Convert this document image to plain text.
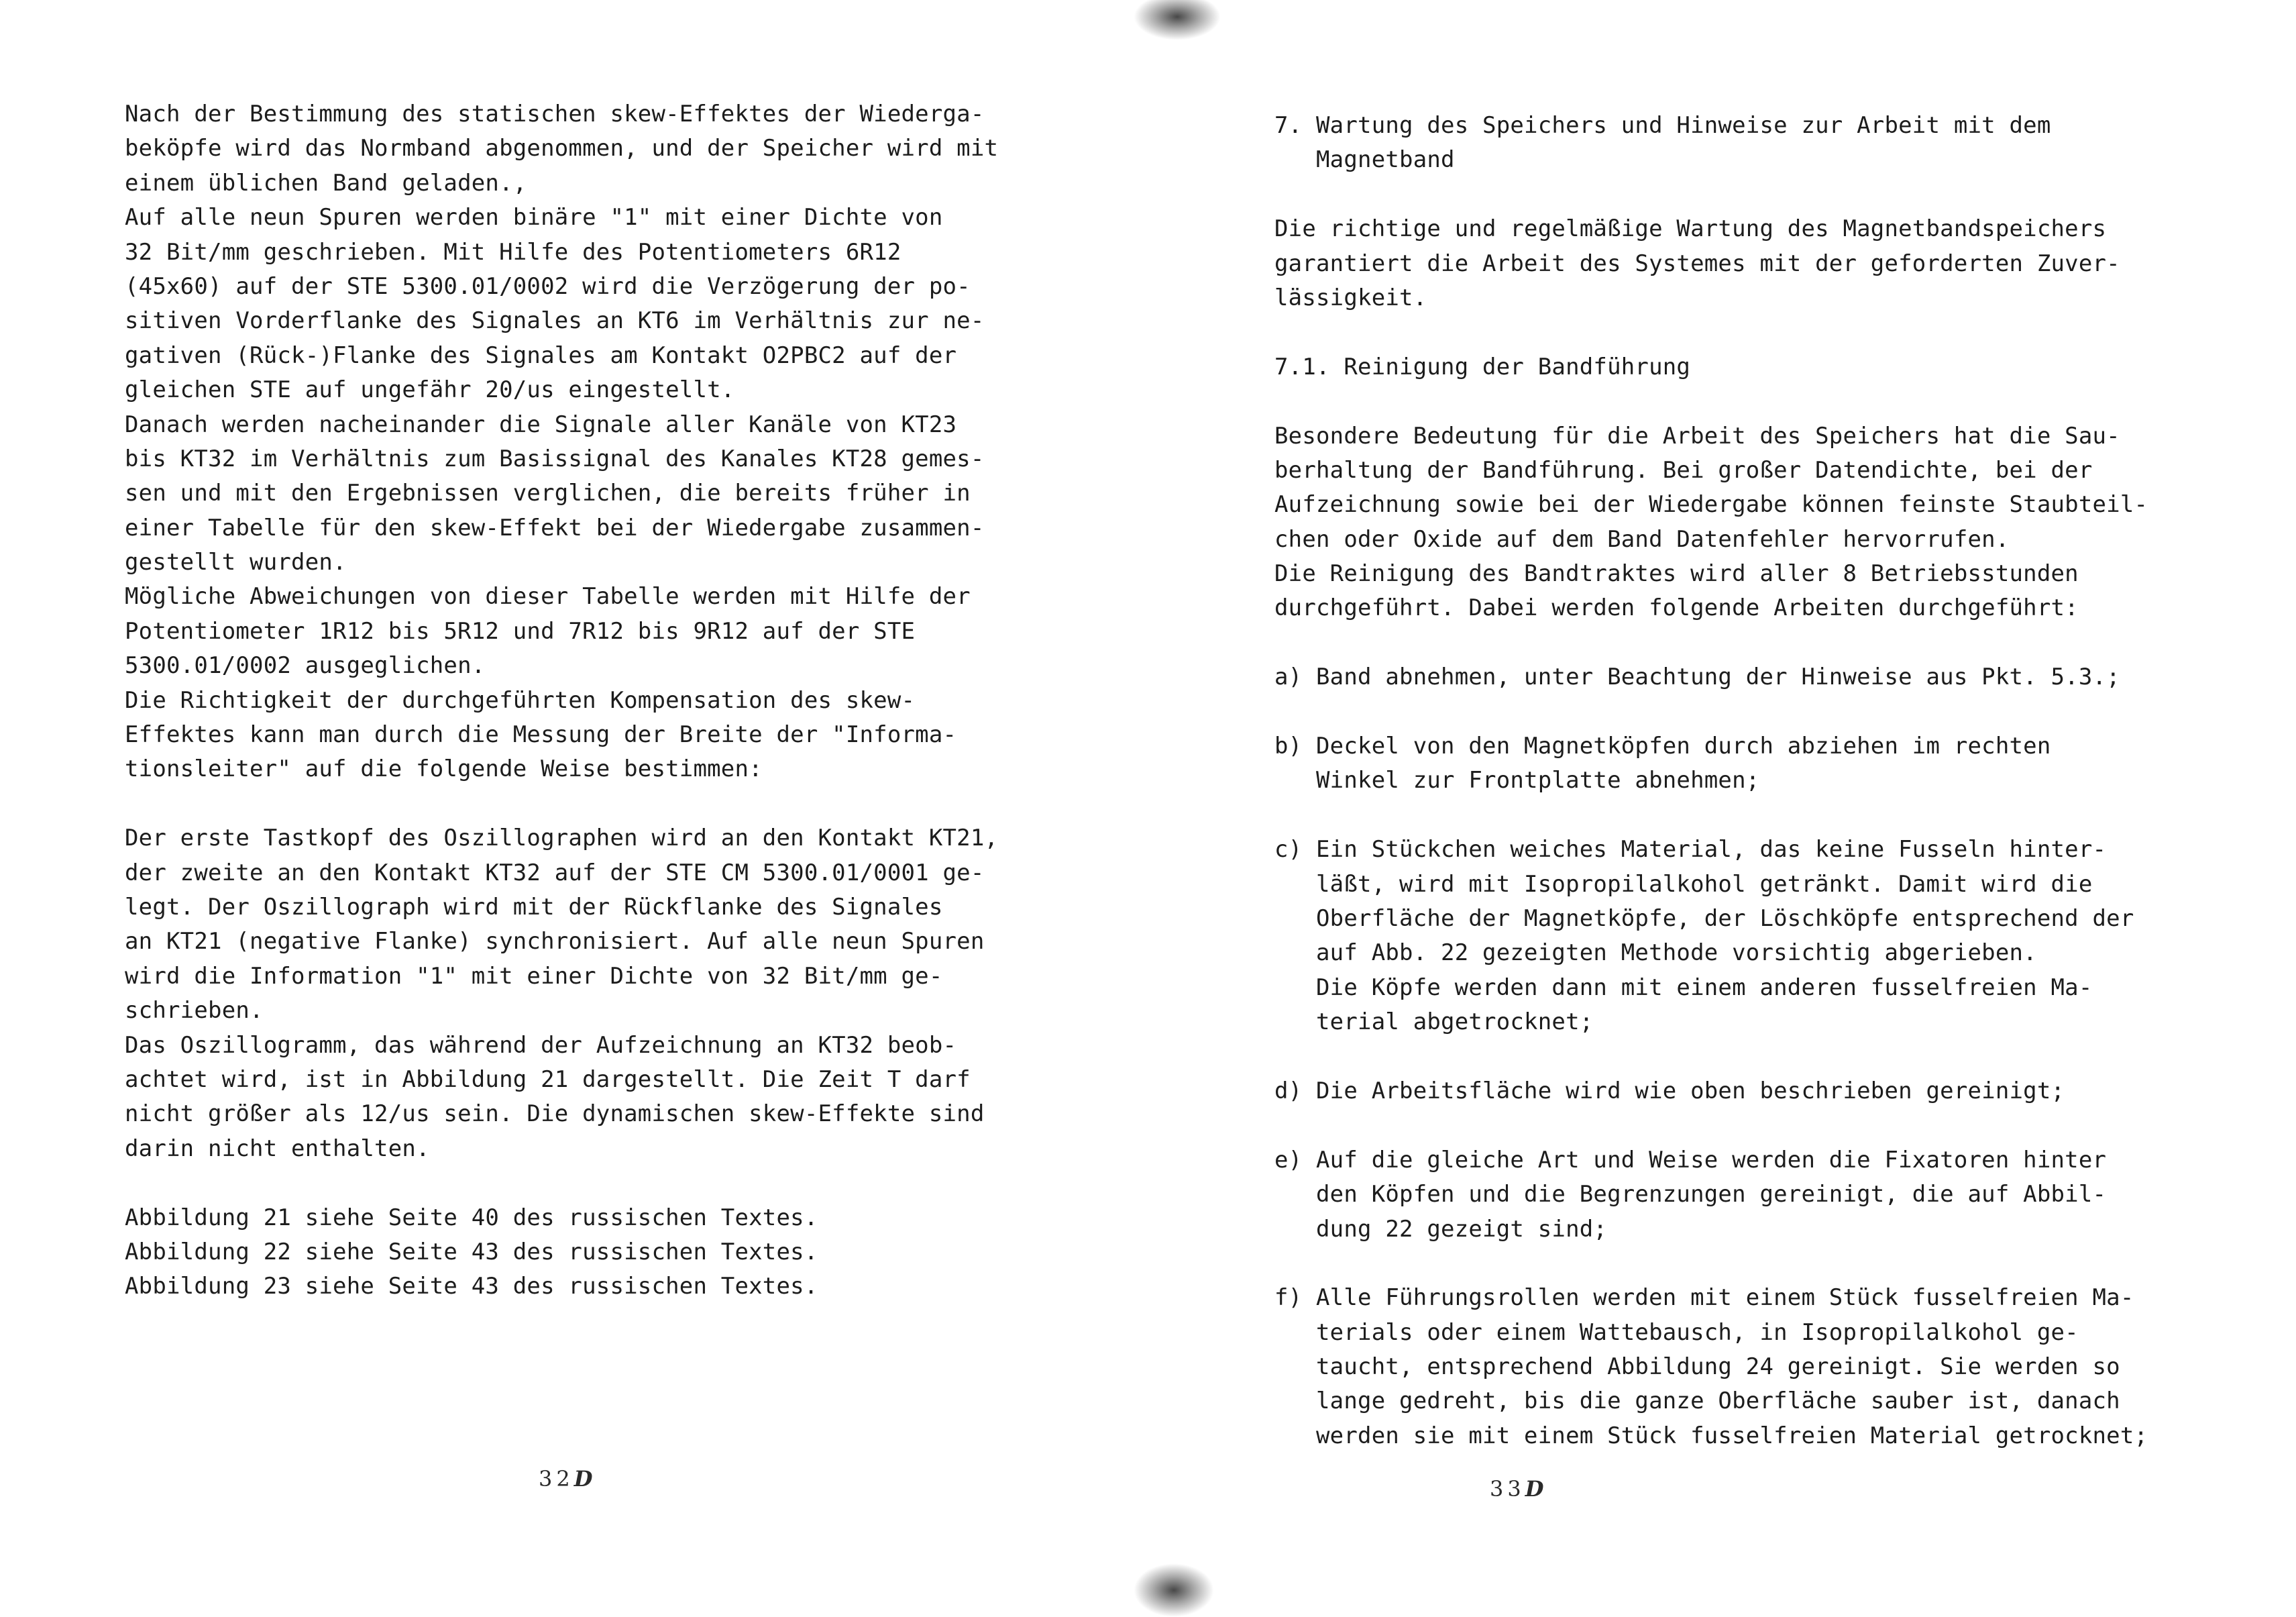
Nach der Bestimmung des statischen skew-Effektes der Wiederga-
beköpfe wird das Normband abgenommen, und der Speicher wird mit
einem üblichen Band geladen.,
Auf alle neun Spuren werden binäre "1" mit einer Dichte von
32 Bit/mm geschrieben. Mit Hilfe des Potentiometers 6R12
(45x60) auf der STE 5300.01/0002 wird die Verzögerung der po-
sitiven Vorderflanke des Signales an KT6 im Verhältnis zur ne-
gativen (Rück-)Flanke des Signales am Kontakt O2PBC2 auf der
gleichen STE auf ungefähr 20/us eingestellt.
Danach werden nacheinander die Signale aller Kanäle von KT23
bis KT32 im Verhältnis zum Basissignal des Kanales KT28 gemes-
sen und mit den Ergebnissen verglichen, die bereits früher in
einer Tabelle für den skew-Effekt bei der Wiedergabe zusammen-
gestellt wurden.
Mögliche Abweichungen von dieser Tabelle werden mit Hilfe der
Potentiometer 1R12 bis 5R12 und 7R12 bis 9R12 auf der STE
5300.01/0002 ausgeglichen.
Die Richtigkeit der durchgeführten Kompensation des skew-
Effektes kann man durch die Messung der Breite der "Informa-
tionsleiter" auf die folgende Weise bestimmen:
Der erste Tastkopf des Oszillographen wird an den Kontakt KT21,
der zweite an den Kontakt KT32 auf der STE CM 5300.01/0001 ge-
legt. Der Oszillograph wird mit der Rückflanke des Signales
an KT21 (negative Flanke) synchronisiert. Auf alle neun Spuren
wird die Information "1" mit einer Dichte von 32 Bit/mm ge-
schrieben.
Das Oszillogramm, das während der Aufzeichnung an KT32 beob-
achtet wird, ist in Abbildung 21 dargestellt. Die Zeit T darf
nicht größer als 12/us sein. Die dynamischen skew-Effekte sind
darin nicht enthalten.
Abbildung 21 siehe Seite 40 des russischen Textes.
Abbildung 22 siehe Seite 43 des russischen Textes.
Abbildung 23 siehe Seite 43 des russischen Textes.
32D
7. Wartung des Speichers und Hinweise zur Arbeit mit dem
Magnetband
Die richtige und regelmäßige Wartung des Magnetbandspeichers
garantiert die Arbeit des Systemes mit der geforderten Zuver-
lässigkeit.
7.1. Reinigung der Bandführung
Besondere Bedeutung für die Arbeit des Speichers hat die Sau-
berhaltung der Bandführung. Bei großer Datendichte, bei der
Aufzeichnung sowie bei der Wiedergabe können feinste Staubteil-
chen oder Oxide auf dem Band Datenfehler hervorrufen.
Die Reinigung des Bandtraktes wird aller 8 Betriebsstunden
durchgeführt. Dabei werden folgende Arbeiten durchgeführt:
a) Band abnehmen, unter Beachtung der Hinweise aus Pkt. 5.3.;
b) Deckel von den Magnetköpfen durch abziehen im rechten
Winkel zur Frontplatte abnehmen;
c) Ein Stückchen weiches Material, das keine Fusseln hinter-
läßt, wird mit Isopropilalkohol getränkt. Damit wird die
Oberfläche der Magnetköpfe, der Löschköpfe entsprechend der
auf Abb. 22 gezeigten Methode vorsichtig abgerieben.
Die Köpfe werden dann mit einem anderen fusselfreien Ma-
terial abgetrocknet;
d) Die Arbeitsfläche wird wie oben beschrieben gereinigt;
e) Auf die gleiche Art und Weise werden die Fixatoren hinter
den Köpfen und die Begrenzungen gereinigt, die auf Abbil-
dung 22 gezeigt sind;
f) Alle Führungsrollen werden mit einem Stück fusselfreien Ma-
terials oder einem Wattebausch, in Isopropilalkohol ge-
taucht, entsprechend Abbildung 24 gereinigt. Sie werden so
lange gedreht, bis die ganze Oberfläche sauber ist, danach
werden sie mit einem Stück fusselfreien Material getrocknet;
33D
